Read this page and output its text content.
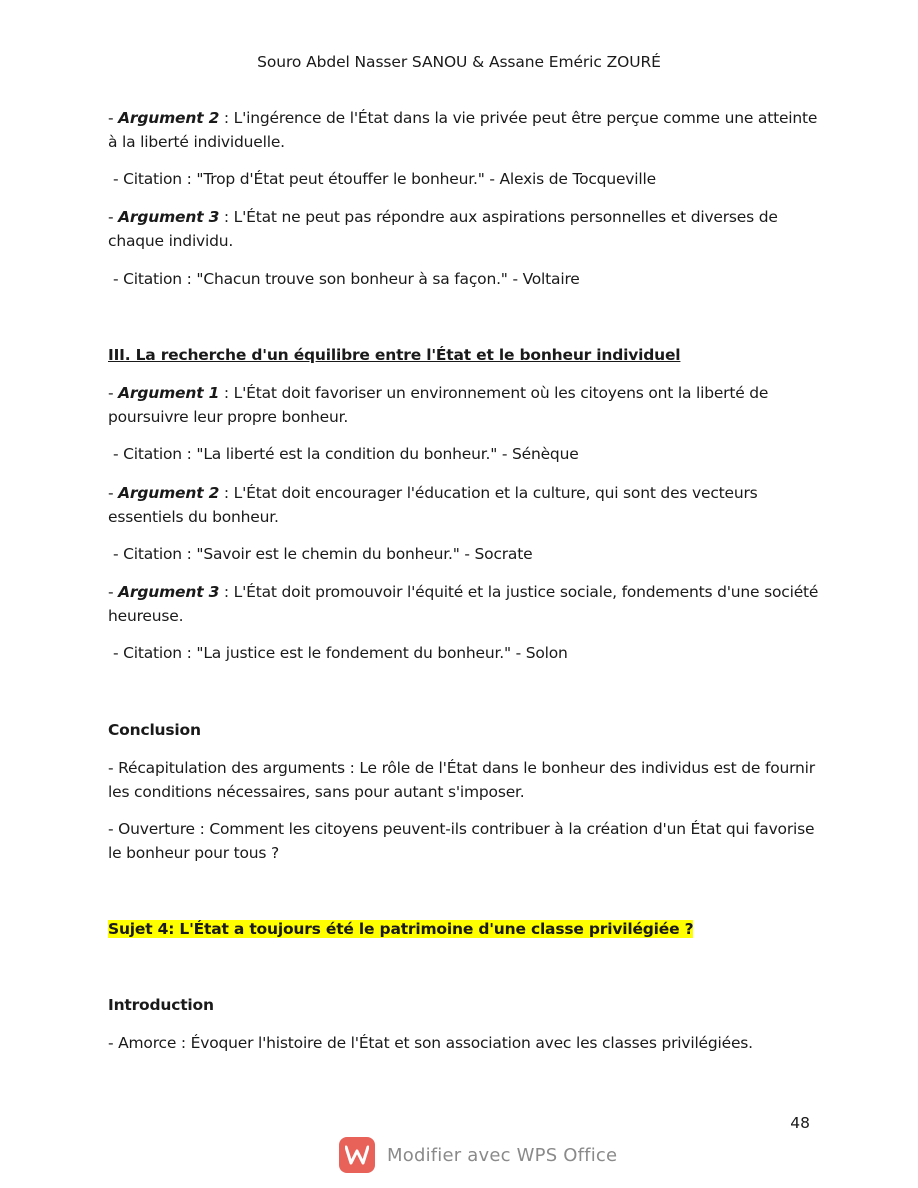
Souro Abdel Nasser SANOU & Assane Eméric ZOURÉ

- Argument 2 : L'ingérence de l'État dans la vie privée peut être perçue comme une atteinte à la liberté individuelle.

- Citation : "Trop d'État peut étouffer le bonheur." - Alexis de Tocqueville

- Argument 3 : L'État ne peut pas répondre aux aspirations personnelles et diverses de chaque individu.

- Citation : "Chacun trouve son bonheur à sa façon." - Voltaire

III. La recherche d'un équilibre entre l'État et le bonheur individuel

- Argument 1 : L'État doit favoriser un environnement où les citoyens ont la liberté de poursuivre leur propre bonheur.

- Citation : "La liberté est la condition du bonheur." - Sénèque

- Argument 2 : L'État doit encourager l'éducation et la culture, qui sont des vecteurs essentiels du bonheur.

- Citation : "Savoir est le chemin du bonheur." - Socrate

- Argument 3 : L'État doit promouvoir l'équité et la justice sociale, fondements d'une société heureuse.

- Citation : "La justice est le fondement du bonheur." - Solon

Conclusion

- Récapitulation des arguments : Le rôle de l'État dans le bonheur des individus est de fournir les conditions nécessaires, sans pour autant s'imposer.

- Ouverture : Comment les citoyens peuvent-ils contribuer à la création d'un État qui favorise le bonheur pour tous ?

Sujet 4: L'État a toujours été le patrimoine d'une classe privilégiée ?

Introduction

- Amorce : Évoquer l'histoire de l'État et son association avec les classes privilégiées.

48
Modifier avec WPS Office
